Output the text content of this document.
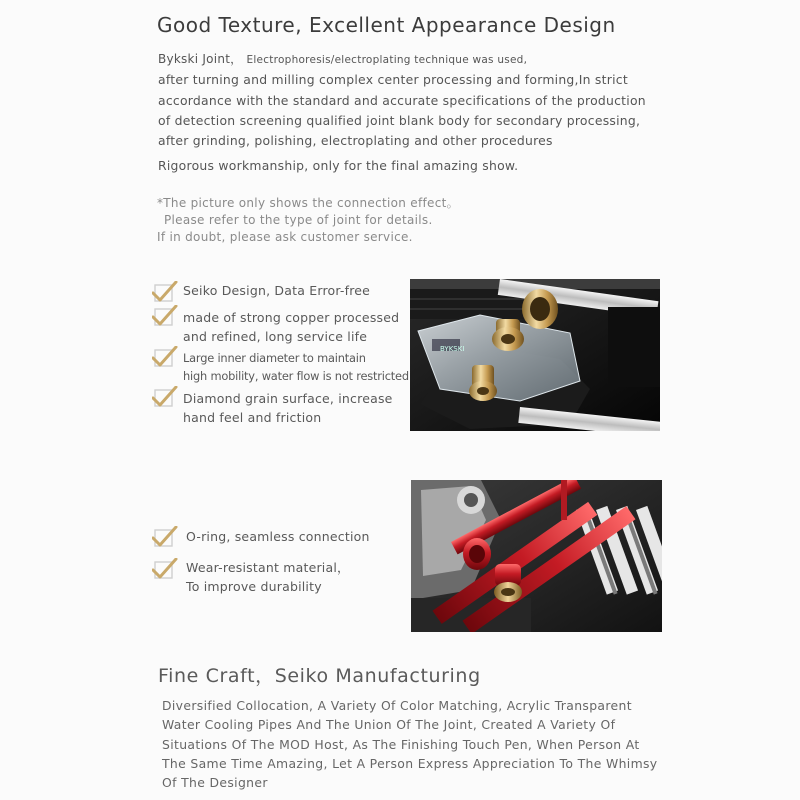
Good Texture, Excellent Appearance Design
Bykski Joint， Electrophoresis/electroplating technique was used,
after turning and milling complex center processing and forming,In strict
accordance with the standard and accurate specifications of the production
of detection screening qualified joint blank body for secondary processing,
after grinding, polishing, electroplating and other procedures
Rigorous workmanship, only for the final amazing show.
*The picture only shows the connection effect。
Please refer to the type of joint for details.
If in doubt, please ask customer service.
Seiko Design, Data Error-free
made of strong copper processed
and refined, long service life
Large inner diameter to maintain
high mobility, water flow is not restricted
Diamond grain surface, increase
hand feel and friction
BYKSKI
O-ring, seamless connection
Wear-resistant material，
To improve durability
Fine Craft，Seiko Manufacturing
Diversified Collocation, A Variety Of Color Matching, Acrylic Transparent
Water Cooling Pipes And The Union Of The Joint, Created A Variety Of
Situations Of The MOD Host, As The Finishing Touch Pen, When Person At
The Same Time Amazing, Let A Person Express Appreciation To The Whimsy
Of The Designer
